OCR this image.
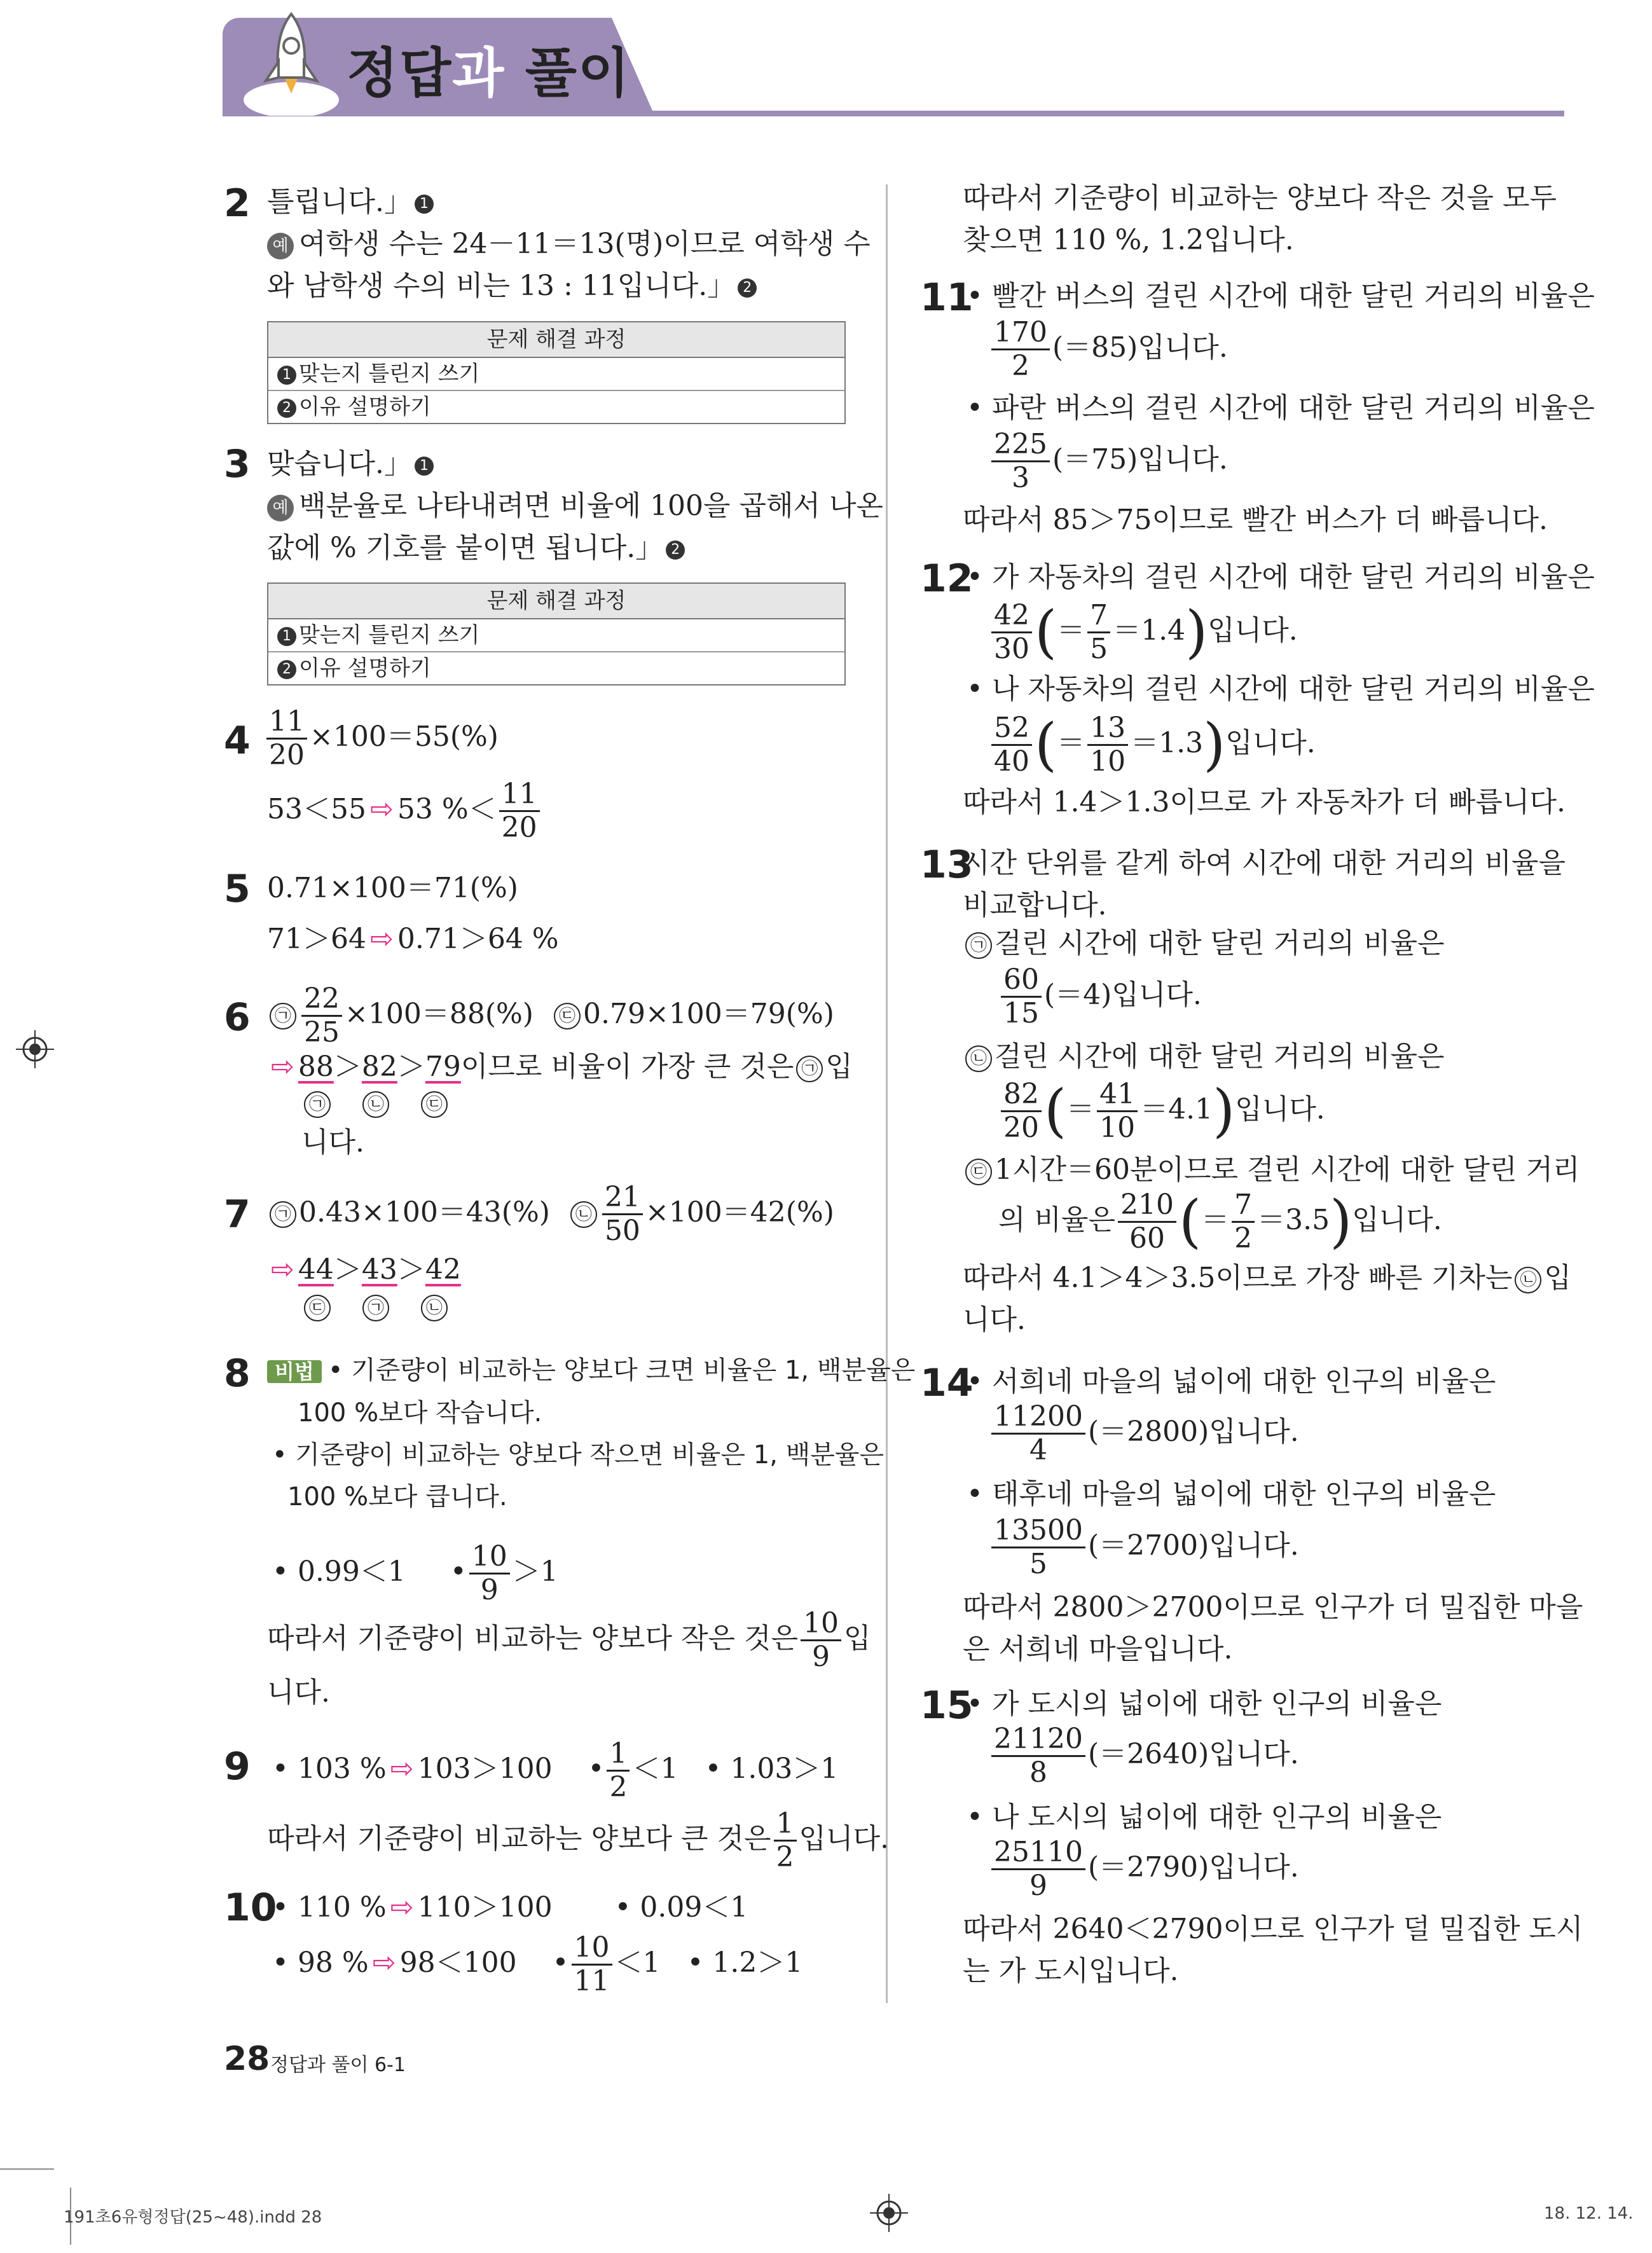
정답과 풀이
2 틀립니다.」 1
예 여학생 수는 24－11＝13(명)이므로 여학생 수
와 남학생 수의 비는 13 : 11입니다.」 2
문제 해결 과정
1 맞는지 틀린지 쓰기
2 이유 설명하기
3 맞습니다.」 1
예 백분율로 나타내려면 비율에 100을 곱해서 나온
값에 % 기호를 붙이면 됩니다.」 2
문제 해결 과정
1 맞는지 틀린지 쓰기
2 이유 설명하기
$4 \frac{11}{20} \times 100=55(\%)$
53＜55 ⇨ 53 %＜ $\frac{11}{20}$
5 0.71×100＝71(%)
71＞64 ⇨ 0.71＞64 %
6	㉠ $\frac{22}{25} \times 100=88(\%)$ ㉢ 0.79×100＝79(%)
⇨ 88＞82＞79이므로 비율이 가장 큰 것은 ㉠ 입
㉠	㉡	㉢
니다.
7	㉠ 0.43×100＝43(%) ㉡ $\frac{21}{50} \times 100=42(\%)$
⇨ 44＞43＞42
㉢	㉠	㉡
8	비법 • 기준량이 비교하는 양보다 크면 비율은 1, 백분율은
100 %보다 작습니다.
• 기준량이 비교하는 양보다 작으면 비율은 1, 백분율은
100 %보다 큽니다.
• 0.99＜1 • $\frac{10}{9} >1$
따라서 기준량이 비교하는 양보다 작은 것은 $\frac{10}{9}$ 입
니다.
9 • 103 % ⇨ 103＞100 • $\frac{1}{2} <1$ • 1.03＞1
따라서 기준량이 비교하는 양보다 큰 것은 $\frac{1}{2}$ 입니다.
10
• 110 % ⇨ 110＞100 • 0.09＜1
• 98 % ⇨ 98＜100 • $\frac{10}{11} <1$ • 1.2＞1
따라서 기준량이 비교하는 양보다 작은 것을 모두
찾으면 110 %, 1.2입니다.
11
• 빨간 버스의 걸린 시간에 대한 달린 거리의 비율은
$\frac{170}{2} (=85)$입니다.
• 파란 버스의 걸린 시간에 대한 달린 거리의 비율은
$\frac{225}{3} (=75)$입니다.
따라서 85＞75이므로 빨간 버스가 더 빠릅니다.
12
• 가 자동차의 걸린 시간에 대한 달린 거리의 비율은
$\frac{42}{30}$ (＝ $\frac{7}{5} =1.4$)입니다.
• 나 자동차의 걸린 시간에 대한 달린 거리의 비율은
$\frac{52}{40}$ (＝ $\frac{13}{10} =1.3$)입니다.
따라서 1.4＞1.3이므로 가 자동차가 더 빠릅니다.
13
시간 단위를 같게 하여 시간에 대한 거리의 비율을
비교합니다.
㉠ 걸린 시간에 대한 달린 거리의 비율은
$\frac{60}{15} (=4)$입니다.
㉡ 걸린 시간에 대한 달린 거리의 비율은
$\frac{82}{20}$ (＝ $\frac{41}{10} =4.1$)입니다.
㉢ 1시간＝60분이므로 걸린 시간에 대한 달린 거리
의 비율은 $\frac{210}{60}$ (＝ $\frac{7}{2} =3.5$)입니다.
따라서 4.1＞4＞3.5이므로 가장 빠른 기차는 ㉡ 입
니다.
14
• 서희네 마을의 넓이에 대한 인구의 비율은
$\frac{11200}{4} (=2800)$입니다.
• 태후네 마을의 넓이에 대한 인구의 비율은
$\frac{13500}{5} (=2700)$입니다.
따라서 2800＞2700이므로 인구가 더 밀집한 마을
은 서희네 마을입니다.
15
• 가 도시의 넓이에 대한 인구의 비율은
$\frac{21120}{8} (=2640)$입니다.
• 나 도시의 넓이에 대한 인구의 비율은
$\frac{25110}{9} (=2790)$입니다.
따라서 2640＜2790이므로 인구가 덜 밀집한 도시
는 가 도시입니다.
28 정답과 풀이 6-1
191초6유형정답(25~48).indd 28	18. 12. 14.
